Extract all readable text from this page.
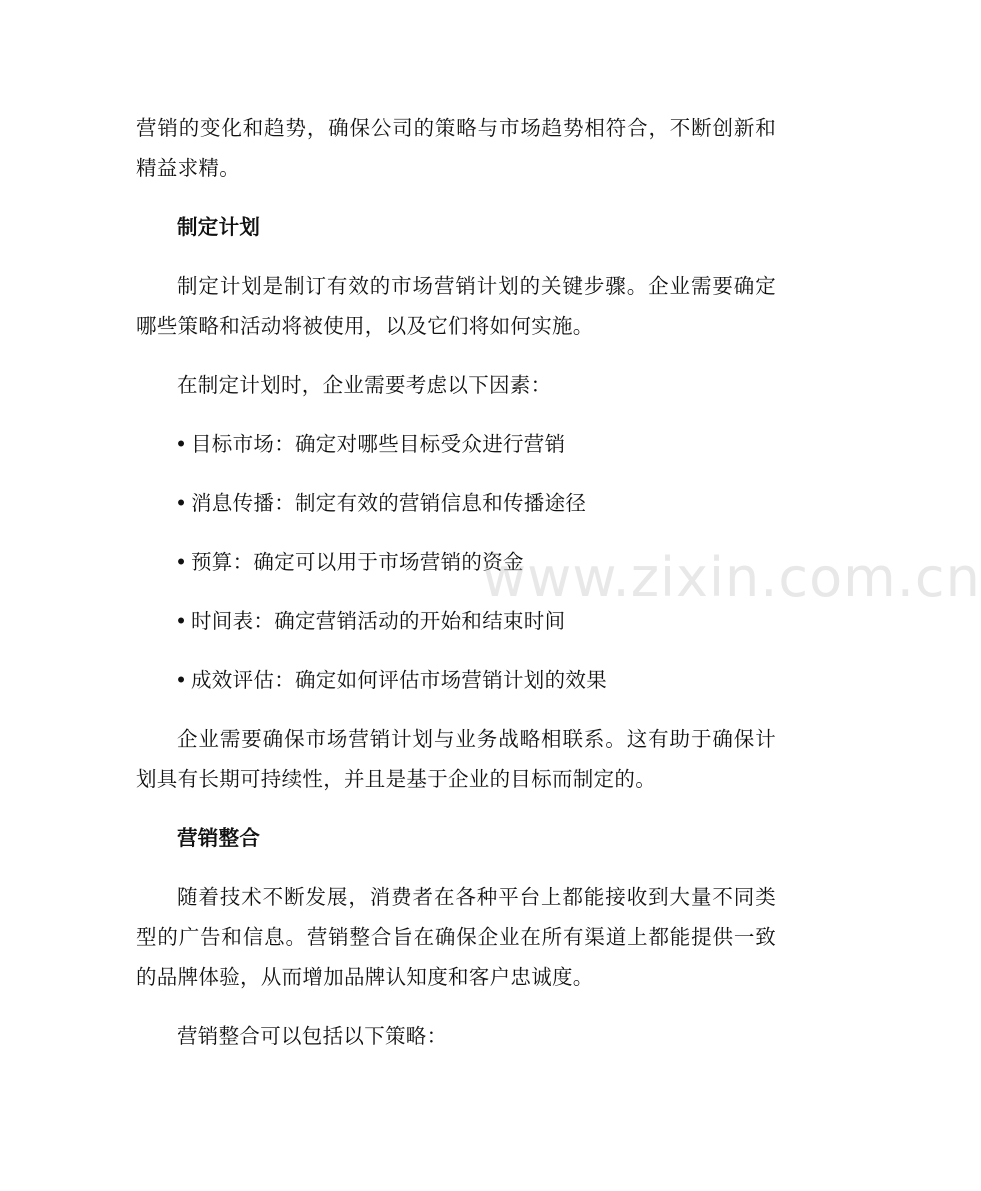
营销的变化和趋势，确保公司的策略与市场趋势相符合，不断创新和精益求精。

制定计划

制定计划是制订有效的市场营销计划的关键步骤。企业需要确定哪些策略和活动将被使用，以及它们将如何实施。

在制定计划时，企业需要考虑以下因素：

• 目标市场：确定对哪些目标受众进行营销
• 消息传播：制定有效的营销信息和传播途径
• 预算：确定可以用于市场营销的资金
• 时间表：确定营销活动的开始和结束时间
• 成效评估：确定如何评估市场营销计划的效果

企业需要确保市场营销计划与业务战略相联系。这有助于确保计划具有长期可持续性，并且是基于企业的目标而制定的。

营销整合

随着技术不断发展，消费者在各种平台上都能接收到大量不同类型的广告和信息。营销整合旨在确保企业在所有渠道上都能提供一致的品牌体验，从而增加品牌认知度和客户忠诚度。

营销整合可以包括以下策略：

www.zixin.com.cn
